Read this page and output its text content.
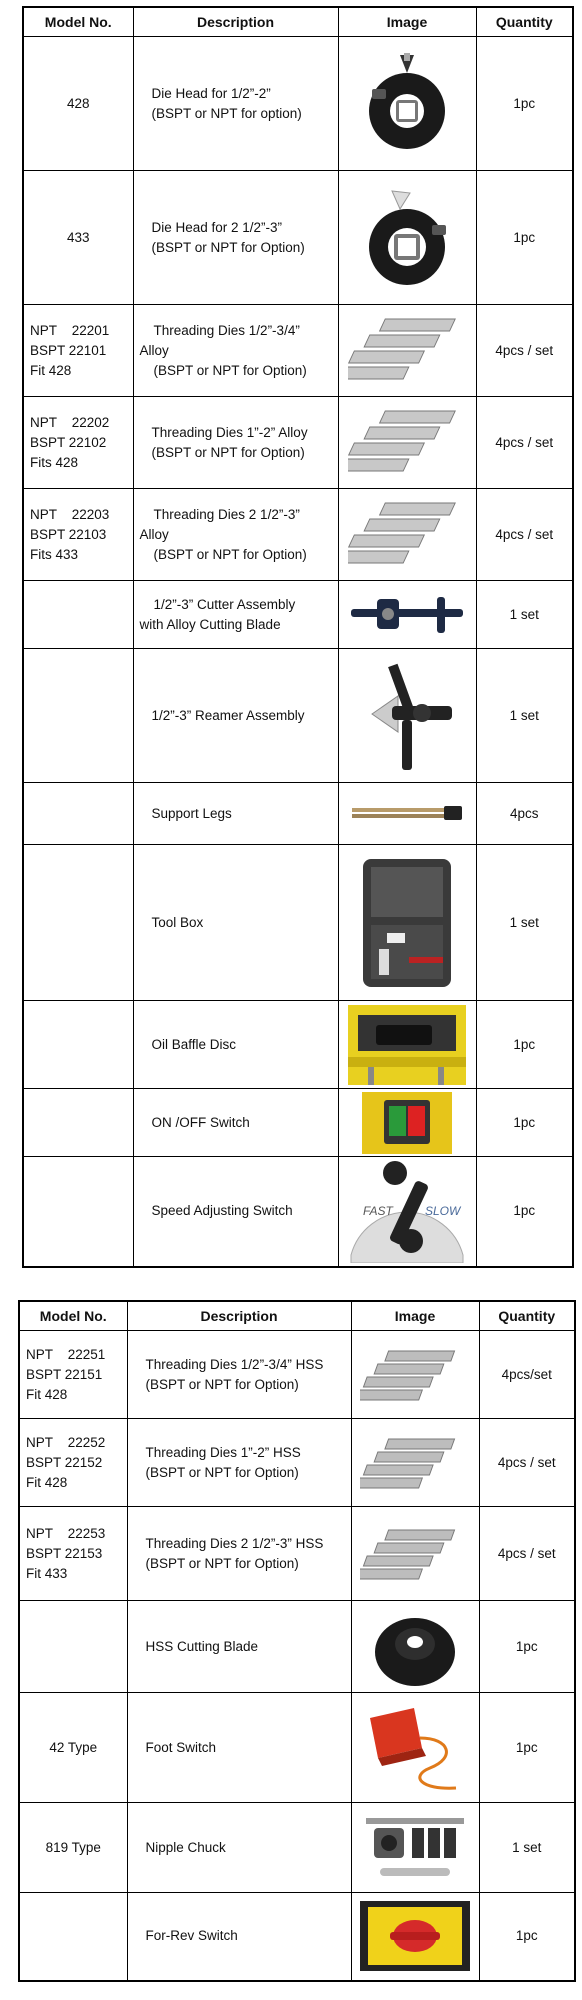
Model No.	Description	Image	Quantity

428	Die Head for 1/2”-2”
(BSPT or NPT for option)		1pc

433	Die Head for 2 1/2”-3”
(BSPT or NPT for Option)		1pc

NPT    22201
BSPT 22101
Fit 428	Threading Dies 1/2”-3/4”
Alloy
(BSPT or NPT for Option)		4pcs / set

NPT    22202
BSPT 22102
Fits 428	Threading Dies 1”-2” Alloy
(BSPT or NPT for Option)		4pcs / set

NPT    22203
BSPT 22103
Fits 433	Threading Dies 2 1/2”-3”
Alloy
(BSPT or NPT for Option)		4pcs / set

	1/2”-3” Cutter Assembly
with Alloy Cutting Blade		1 set

	1/2”-3” Reamer Assembly		1 set

	Support Legs		4pcs

	Tool Box		1 set

	Oil Baffle Disc		1pc

	ON /OFF Switch		1pc

	Speed Adjusting Switch	FAST SLOW	1pc
Model No.	Description	Image	Quantity

NPT    22251
BSPT 22151
Fit 428	Threading Dies 1/2”-3/4” HSS
(BSPT or NPT for Option)		4pcs/set

NPT    22252
BSPT 22152
Fit 428	Threading Dies 1”-2” HSS
(BSPT or NPT for Option)		4pcs / set

NPT    22253
BSPT 22153
Fit 433	Threading Dies 2 1/2”-3” HSS
(BSPT or NPT for Option)		4pcs / set

	HSS Cutting Blade		1pc

42 Type	Foot Switch		1pc

819 Type	Nipple Chuck		1 set

	For-Rev Switch		1pc
